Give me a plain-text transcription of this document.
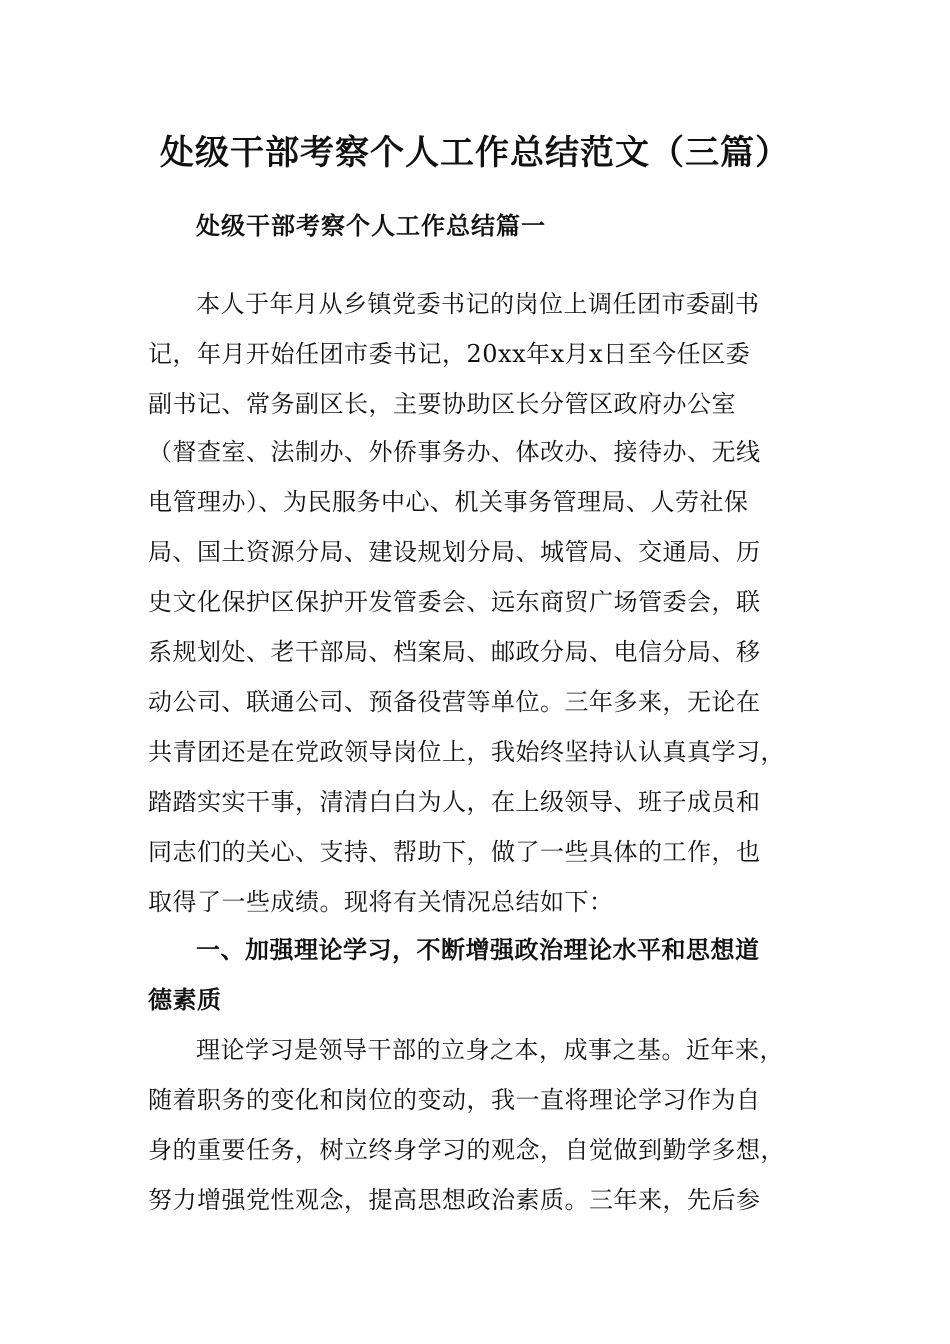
处级干部考察个人工作总结范文（三篇）
处级干部考察个人工作总结篇一

本人于年月从乡镇党委书记的岗位上调任团市委副书

记，年月开始任团市委书记，20xx年x月x日至今任区委

副书记、常务副区长，主要协助区长分管区政府办公室

（督查室、法制办、外侨事务办、体改办、接待办、无线

电管理办）、为民服务中心、机关事务管理局、人劳社保

局、国土资源分局、建设规划分局、城管局、交通局、历

史文化保护区保护开发管委会、远东商贸广场管委会，联

系规划处、老干部局、档案局、邮政分局、电信分局、移

动公司、联通公司、预备役营等单位。三年多来，无论在

共青团还是在党政领导岗位上，我始终坚持认认真真学习，

踏踏实实干事，清清白白为人，在上级领导、班子成员和

同志们的关心、支持、帮助下，做了一些具体的工作，也

取得了一些成绩。现将有关情况总结如下：

一、加强理论学习，不断增强政治理论水平和思想道

德素质

理论学习是领导干部的立身之本，成事之基。近年来，

随着职务的变化和岗位的变动，我一直将理论学习作为自

身的重要任务，树立终身学习的观念，自觉做到勤学多想，

努力增强党性观念，提高思想政治素质。三年来，先后参
